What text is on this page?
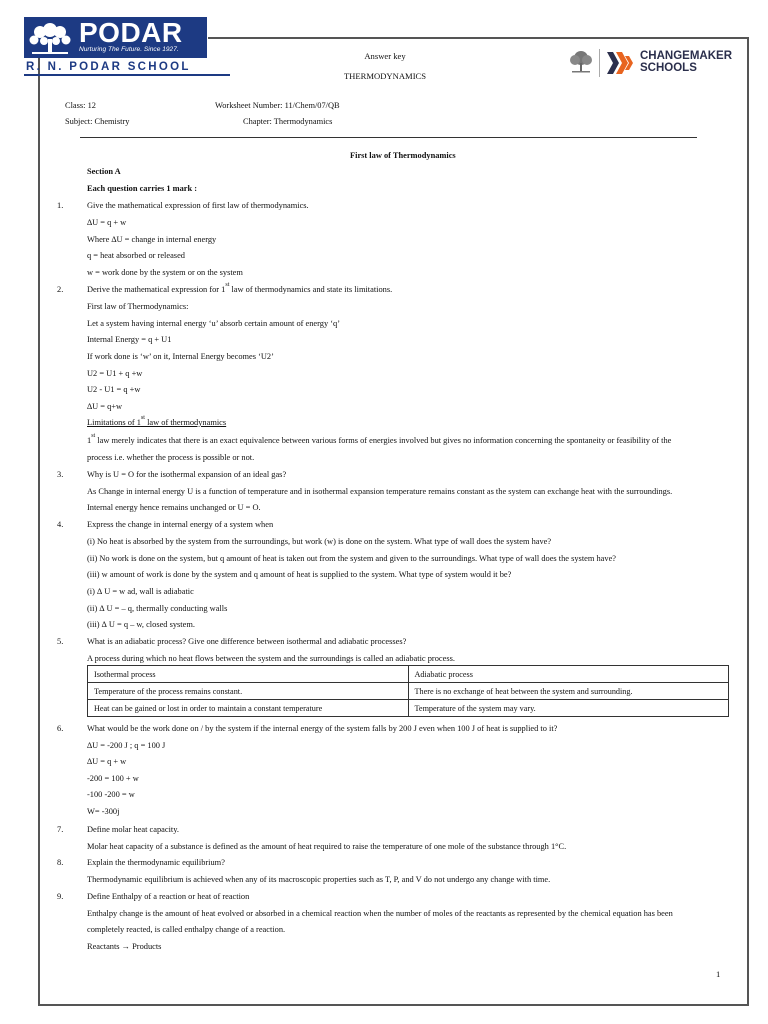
PODAR
Nurturing The Future. Since 1927.
R. N. PODAR SCHOOL
Answer key
THERMODYNAMICS
CHANGEMAKER
SCHOOLS
Class: 12	Worksheet Number: 11/Chem/07/QB
Subject: Chemistry	Chapter: Thermodynamics
First law of Thermodynamics
Section A
Each question carries 1 mark :
1.	Give the mathematical expression of first law of thermodynamics.
∆U = q + w
Where ∆U = change in internal energy
q = heat absorbed or released
w = work done by the system or on the system
2.	Derive the mathematical expression for 1st law of thermodynamics and state its limitations.
First law of Thermodynamics:
Let a system having internal energy ‘u’ absorb certain amount of energy ‘q’
Internal Energy = q + U1
If work done is ‘w’ on it, Internal Energy becomes ‘U2’
U2 = U1 + q +w
U2 - U1 = q +w
∆U = q+w
Limitations of 1st law of thermodynamics
1st law merely indicates that there is an exact equivalence between various forms of energies involved but gives no information concerning the spontaneity or feasibility of the
process i.e. whether the process is possible or not.
3.	Why is U = O for the isothermal expansion of an ideal gas?
As Change in internal energy U is a function of temperature and in isothermal expansion temperature remains constant as the system can exchange heat with the surroundings.
Internal energy hence remains unchanged or U = O.
4.	Express the change in internal energy of a system when
(i) No heat is absorbed by the system from the surroundings, but work (w) is done on the system. What type of wall does the system have?
(ii) No work is done on the system, but q amount of heat is taken out from the system and given to the surroundings. What type of wall does the system have?
(iii) w amount of work is done by the system and q amount of heat is supplied to the system. What type of system would it be?
(i) ∆ U = w ad, wall is adiabatic
(ii) ∆ U = – q, thermally conducting walls
(iii) ∆ U = q – w, closed system.
5.	What is an adiabatic process? Give one difference between isothermal and adiabatic processes?
A process during which no heat flows between the system and the surroundings is called an adiabatic process.
Isothermal process	Adiabatic process
Temperature of the process remains constant.	There is no exchange of heat between the system and surrounding.
Heat can be gained or lost in order to maintain a constant temperature	Temperature of the system may vary.
6.	What would be the work done on / by the system if the internal energy of the system falls by 200 J even when 100 J of heat is supplied to it?
∆U = -200 J ; q = 100 J
∆U = q + w
-200 = 100 + w
-100 -200 = w
W= -300j
7.	Define molar heat capacity.
Molar heat capacity of a substance is defined as the amount of heat required to raise the temperature of one mole of the substance through 1°C.
8.	Explain the thermodynamic equilibrium?
Thermodynamic equilibrium is achieved when any of its macroscopic properties such as T, P, and V do not undergo any change with time.
9.	Define Enthalpy of a reaction or heat of reaction
Enthalpy change is the amount of heat evolved or absorbed in a chemical reaction when the number of moles of the reactants as represented by the chemical equation has been
completely reacted, is called enthalpy change of a reaction.
Reactants → Products
1
